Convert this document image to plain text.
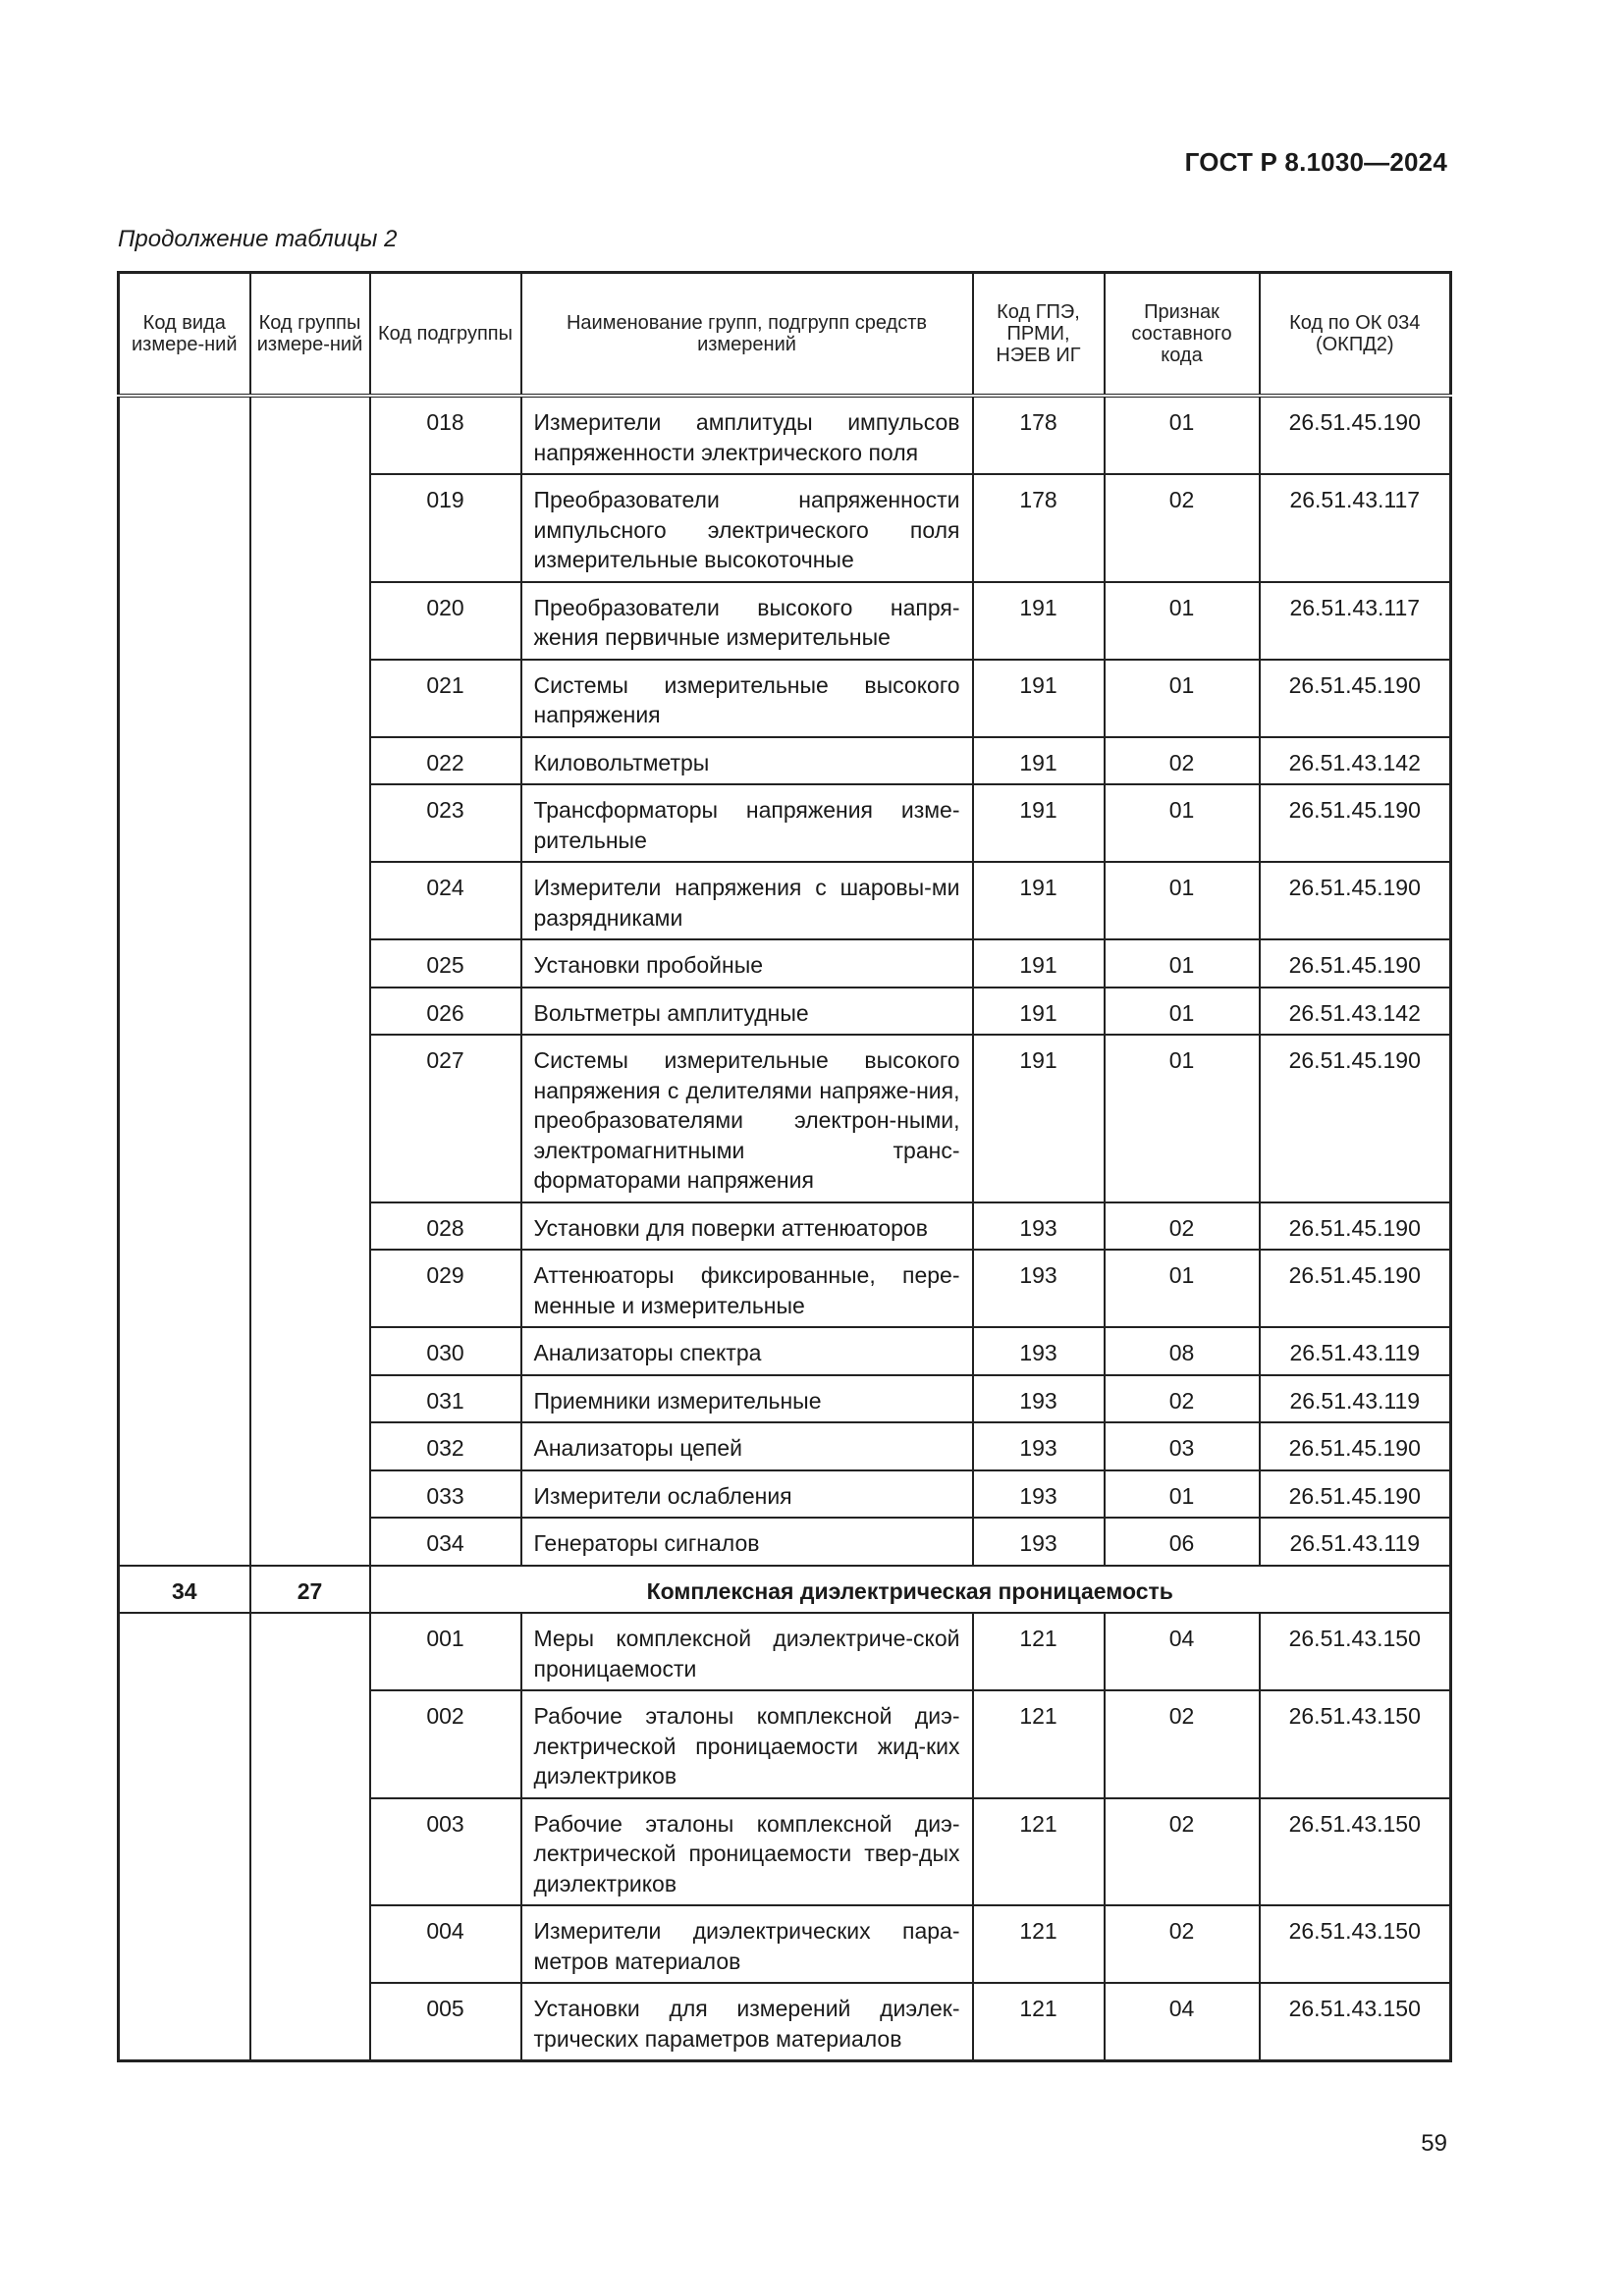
ГОСТ Р 8.1030—2024
Продолжение таблицы 2
Код вида измере-ний	Код группы измере-ний	Код подгруппы	Наименование групп, подгрупп средств измерений	Код ГПЭ, ПРМИ, НЭЕВ ИГ	Признак составного кода	Код по ОК 034 (ОКПД2)
		018	Измерители амплитуды импульсов напряженности электрического поля	178	01	26.51.45.190
		019	Преобразователи напряженности импульсного электрического поля измерительные высокоточные	178	02	26.51.43.117
		020	Преобразователи высокого напря-жения первичные измерительные	191	01	26.51.43.117
		021	Системы измерительные высокого напряжения	191	01	26.51.45.190
		022	Киловольтметры	191	02	26.51.43.142
		023	Трансформаторы напряжения изме-рительные	191	01	26.51.45.190
		024	Измерители напряжения с шаровы-ми разрядниками	191	01	26.51.45.190
		025	Установки пробойные	191	01	26.51.45.190
		026	Вольтметры амплитудные	191	01	26.51.43.142
		027	Системы измерительные высокого напряжения с делителями напряже-ния, преобразователями электрон-ными, электромагнитными транс-форматорами напряжения	191	01	26.51.45.190
		028	Установки для поверки аттенюаторов	193	02	26.51.45.190
		029	Аттенюаторы фиксированные, пере-менные и измерительные	193	01	26.51.45.190
		030	Анализаторы спектра	193	08	26.51.43.119
		031	Приемники измерительные	193	02	26.51.43.119
		032	Анализаторы цепей	193	03	26.51.45.190
		033	Измерители ослабления	193	01	26.51.45.190
		034	Генераторы сигналов	193	06	26.51.43.119
34	27	Комплексная диэлектрическая проницаемость				
		001	Меры комплексной диэлектриче-ской проницаемости	121	04	26.51.43.150
		002	Рабочие эталоны комплексной диэ-лектрической проницаемости жид-ких диэлектриков	121	02	26.51.43.150
		003	Рабочие эталоны комплексной диэ-лектрической проницаемости твер-дых диэлектриков	121	02	26.51.43.150
		004	Измерители диэлектрических пара-метров материалов	121	02	26.51.43.150
		005	Установки для измерений диэлек-трических параметров материалов	121	04	26.51.43.150
59
